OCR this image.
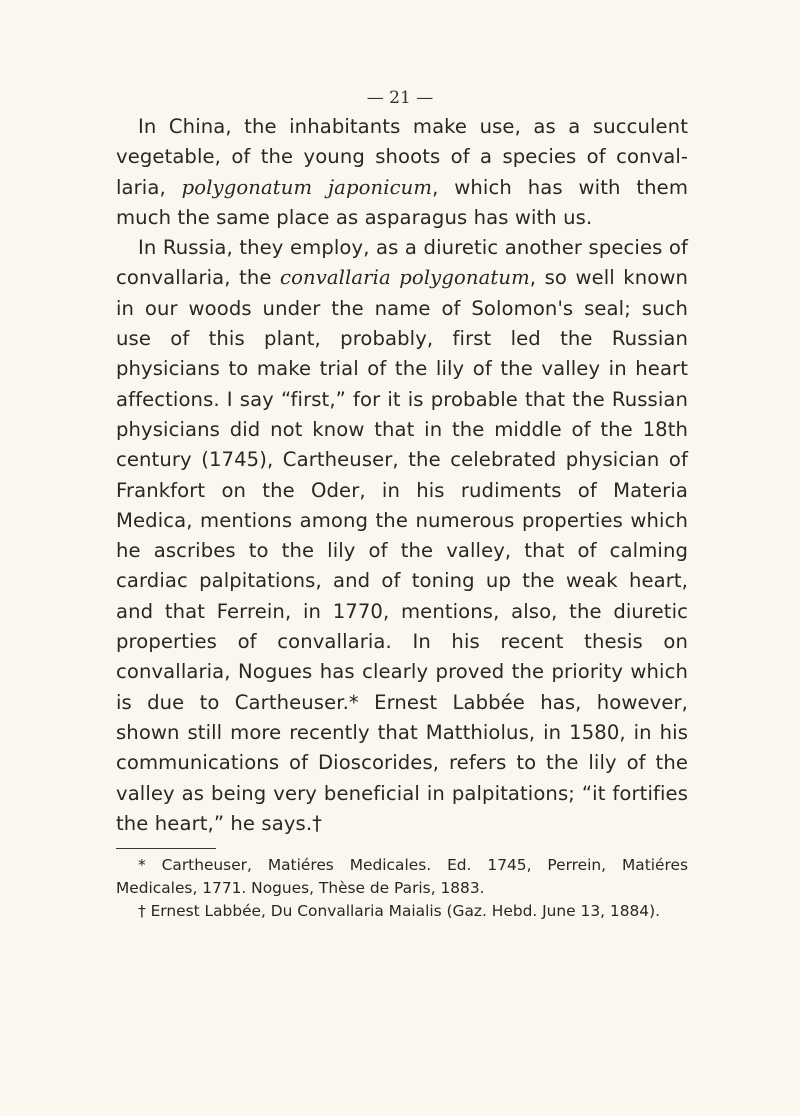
— 21 —

In China, the inhabitants make use, as a succulent vegetable, of the young shoots of a species of convallaria, polygonatum japonicum, which has with them much the same place as asparagus has with us.

In Russia, they employ, as a diuretic another species of convallaria, the convallaria polygonatum, so well known in our woods under the name of Solomon's seal; such use of this plant, probably, first led the Russian physicians to make trial of the lily of the valley in heart affections. I say “first,” for it is probable that the Russian physicians did not know that in the middle of the 18th century (1745), Cartheuser, the celebrated physician of Frankfort on the Oder, in his rudiments of Materia Medica, mentions among the numerous properties which he ascribes to the lily of the valley, that of calming cardiac palpitations, and of toning up the weak heart, and that Ferrein, in 1770, mentions, also, the diuretic properties of convallaria. In his recent thesis on convallaria, Nogues has clearly proved the priority which is due to Cartheuser.* Ernest Labbée has, however, shown still more recently that Matthiolus, in 1580, in his communications of Dioscorides, refers to the lily of the valley as being very beneficial in palpitations; “it fortifies the heart,” he says.†

* Cartheuser, Matiéres Medicales. Ed. 1745, Perrein, Matiéres Medicales, 1771. Nogues, Thèse de Paris, 1883.

† Ernest Labbée, Du Convallaria Maialis (Gaz. Hebd. June 13, 1884).
